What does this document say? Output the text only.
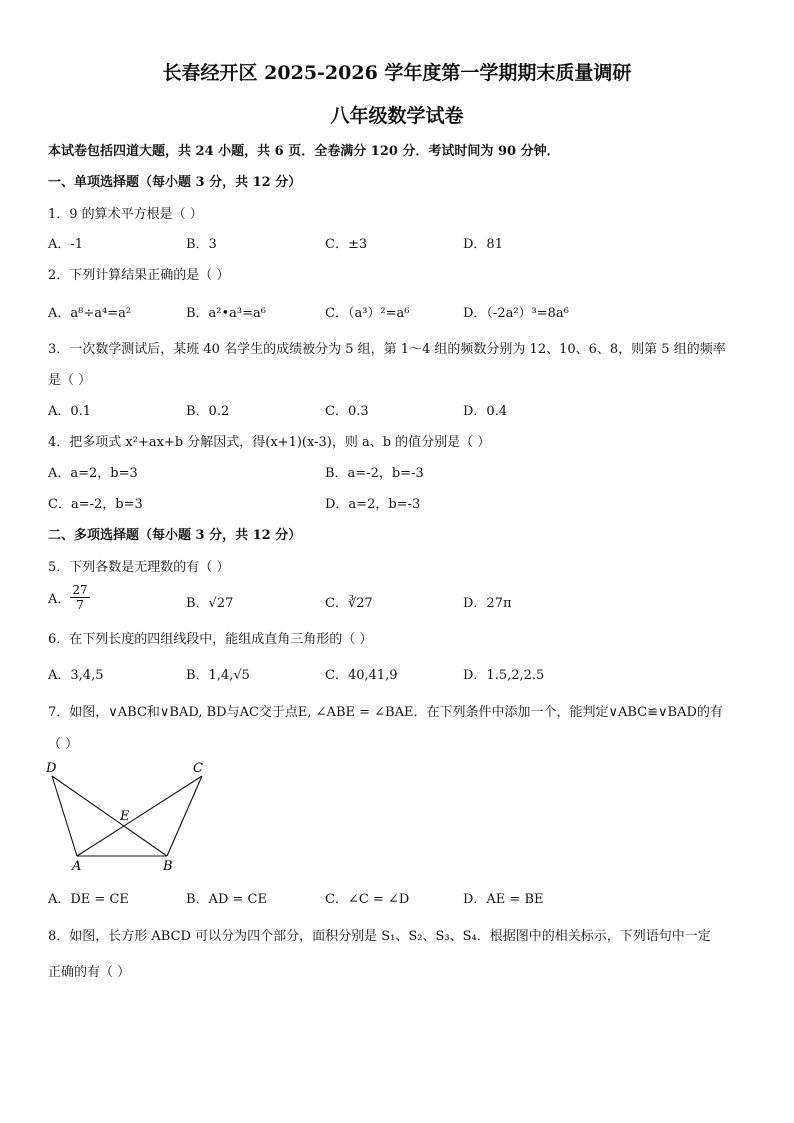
长春经开区 2025-2026 学年度第一学期期末质量调研
八年级数学试卷
本试卷包括四道大题，共 24 小题，共 6 页．全卷满分 120 分．考试时间为 90 分钟．
一、单项选择题（每小题 3 分，共 12 分）
1．9 的算术平方根是（ ）
A．-1	B．3	C．±3	D．81
2．下列计算结果正确的是（ ）
A．a⁸÷a⁴=a²	B．a²•a³=a⁶	C．（a³）²=a⁶	D．（-2a²）³=8a⁶
3．一次数学测试后，某班 40 名学生的成绩被分为 5 组，第 1～4 组的频数分别为 12、10、6、8，则第 5 组的频率
是（ ）
A．0.1	B．0.2	C．0.3	D．0.4
4．把多项式 x²+ax+b 分解因式，得(x+1)(x-3)，则 a、b 的值分别是（ ）
A．a=2，b=3	B．a=-2，b=-3
C．a=-2，b=3	D．a=2，b=-3
二、多项选择题（每小题 3 分，共 12 分）
5．下列各数是无理数的有（ ）
A． $\frac{27}{7}$	B．√27	C．∛27	D．27π
6．在下列长度的四组线段中，能组成直角三角形的（ ）
A．3,4,5	B．1,4,√5	C．40,41,9	D．1.5,2,2.5
7．如图，∨ABC和∨BAD, BD与AC交于点E, ∠ABE = ∠BAE．在下列条件中添加一个，能判定∨ABC≌∨BAD的有
（ ）
D	C
E
A	B
A．DE = CE	B．AD = CE	C．∠C = ∠D	D．AE = BE
8．如图，长方形 ABCD 可以分为四个部分，面积分别是 S₁、S₂、S₃、S₄．根据图中的相关标示，下列语句中一定
正确的有（ ）
